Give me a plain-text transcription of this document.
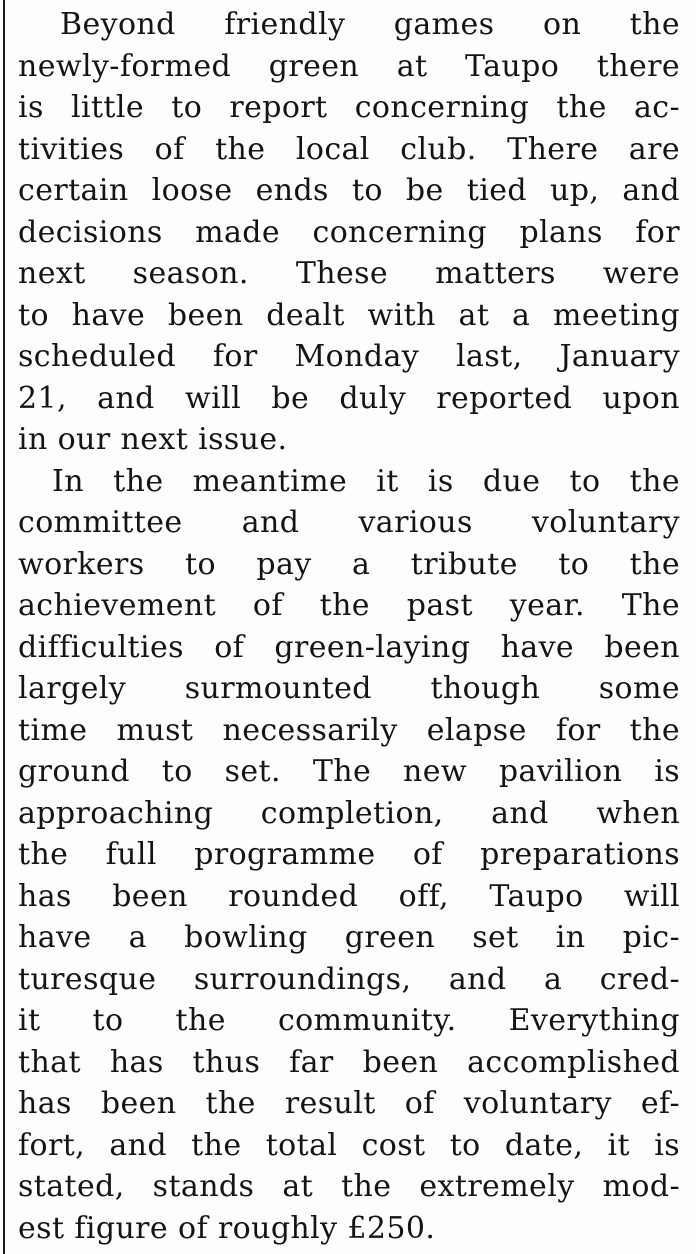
Beyond friendly games on the
newly-formed green at Taupo there
is little to report concerning the ac-
tivities of the local club. There are
certain loose ends to be tied up, and
decisions made concerning plans for
next season. These matters were
to have been dealt with at a meeting
scheduled for Monday last, January
21, and will be duly reported upon
in our next issue.
In the meantime it is due to the
committee and various voluntary
workers to pay a tribute to the
achievement of the past year. The
difficulties of green-laying have been
largely surmounted though some
time must necessarily elapse for the
ground to set. The new pavilion is
approaching completion, and when
the full programme of preparations
has been rounded off, Taupo will
have a bowling green set in pic-
turesque surroundings, and a cred-
it to the community. Everything
that has thus far been accomplished
has been the result of voluntary ef-
fort, and the total cost to date, it is
stated, stands at the extremely mod-
est figure of roughly £250.
